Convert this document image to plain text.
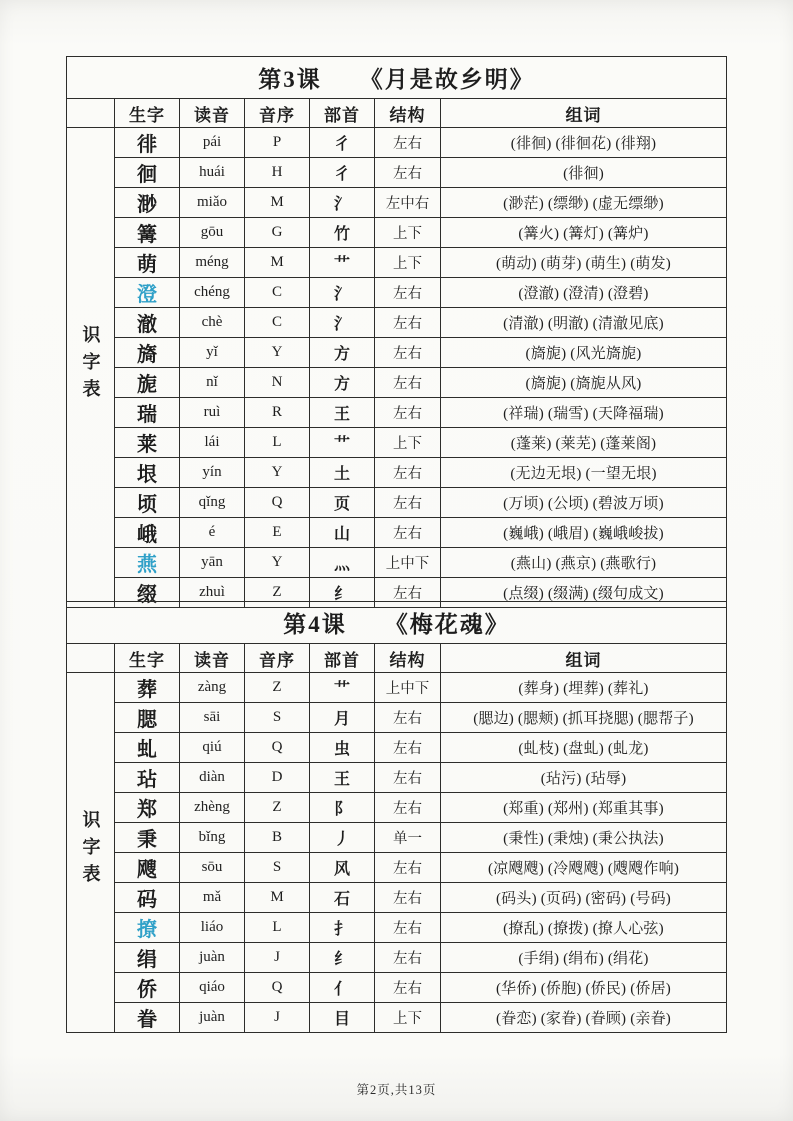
第3课 《月是故乡明》						
	生字	读音	音序	部首	结构	组词
识字表	徘	pái	P	彳	左右	(徘徊) (徘徊花) (徘翔)
	徊	huái	H	彳	左右	(徘徊)
	渺	miǎo	M	氵	左中右	(渺茫) (缥缈) (虚无缥缈)
	篝	gōu	G	竹	上下	(篝火) (篝灯) (篝炉)
	萌	méng	M	艹	上下	(萌动) (萌芽) (萌生) (萌发)
	澄	chéng	C	氵	左右	(澄澈) (澄清) (澄碧)
	澈	chè	C	氵	左右	(清澈) (明澈) (清澈见底)
	旖	yǐ	Y	方	左右	(旖旎) (风光旖旎)
	旎	nǐ	N	方	左右	(旖旎) (旖旎从风)
	瑞	ruì	R	王	左右	(祥瑞) (瑞雪) (天降福瑞)
	莱	lái	L	艹	上下	(蓬莱) (莱芜) (蓬莱阁)
	垠	yín	Y	土	左右	(无边无垠) (一望无垠)
	顷	qǐng	Q	页	左右	(万顷) (公顷) (碧波万顷)
	峨	é	E	山	左右	(巍峨) (峨眉) (巍峨峻拔)
	燕	yān	Y	灬	上中下	(燕山) (燕京) (燕歌行)
	缀	zhuì	Z	纟	左右	(点缀) (缀满) (缀句成文)
第4课 《梅花魂》						
	生字	读音	音序	部首	结构	组词
识字表	葬	zàng	Z	艹	上中下	(葬身) (埋葬) (葬礼)
	腮	sāi	S	月	左右	(腮边) (腮颊) (抓耳挠腮) (腮帮子)
	虬	qiú	Q	虫	左右	(虬枝) (盘虬) (虬龙)
	玷	diàn	D	王	左右	(玷污) (玷辱)
	郑	zhèng	Z	阝	左右	(郑重) (郑州) (郑重其事)
	秉	bǐng	B	丿	单一	(秉性) (秉烛) (秉公执法)
	飕	sōu	S	风	左右	(凉飕飕) (冷飕飕) (飕飕作响)
	码	mǎ	M	石	左右	(码头) (页码) (密码) (号码)
	撩	liáo	L	扌	左右	(撩乱) (撩拨) (撩人心弦)
	绢	juàn	J	纟	左右	(手绢) (绢布) (绢花)
	侨	qiáo	Q	亻	左右	(华侨) (侨胞) (侨民) (侨居)
	眷	juàn	J	目	上下	(眷恋) (家眷) (眷顾) (亲眷)
第2页,共13页
